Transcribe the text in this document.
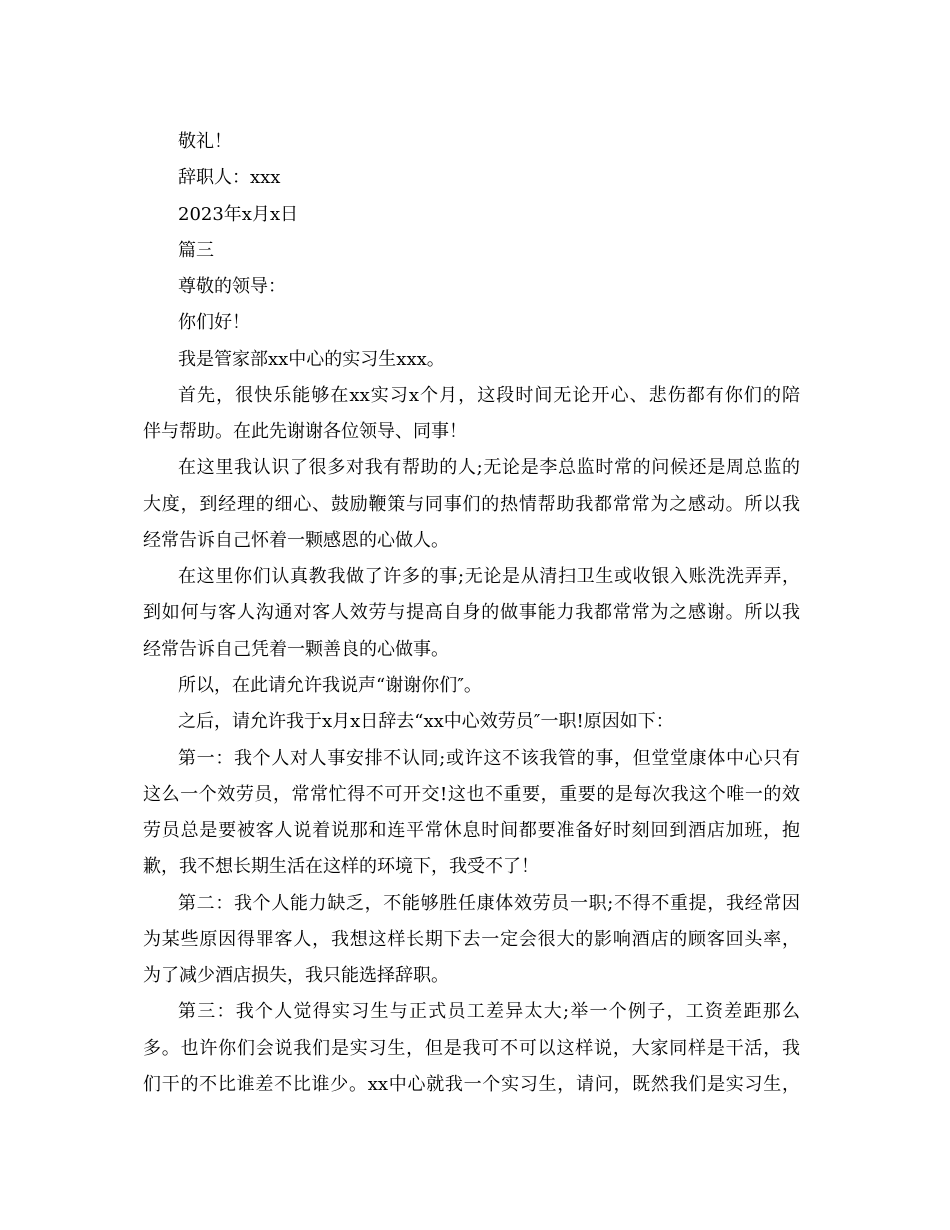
敬礼！
辞职人：xxx
2023年x月x日
篇三
尊敬的领导：
你们好！
我是管家部xx中心的实习生xxx。
首先，很快乐能够在xx实习x个月，这段时间无论开心、悲伤都有你们的陪
伴与帮助。在此先谢谢各位领导、同事！
在这里我认识了很多对我有帮助的人;无论是李总监时常的问候还是周总监的
大度，到经理的细心、鼓励鞭策与同事们的热情帮助我都常常为之感动。所以我
经常告诉自己怀着一颗感恩的心做人。
在这里你们认真教我做了许多的事;无论是从清扫卫生或收银入账洗洗弄弄，
到如何与客人沟通对客人效劳与提高自身的做事能力我都常常为之感谢。所以我
经常告诉自己凭着一颗善良的心做事。
所以，在此请允许我说声“谢谢你们″。
之后，请允许我于x月x日辞去“xx中心效劳员″一职!原因如下：
第一：我个人对人事安排不认同;或许这不该我管的事，但堂堂康体中心只有
这么一个效劳员，常常忙得不可开交!这也不重要，重要的是每次我这个唯一的效
劳员总是要被客人说着说那和连平常休息时间都要准备好时刻回到酒店加班，抱
歉，我不想长期生活在这样的环境下，我受不了！
第二：我个人能力缺乏，不能够胜任康体效劳员一职;不得不重提，我经常因
为某些原因得罪客人，我想这样长期下去一定会很大的影响酒店的顾客回头率，
为了减少酒店损失，我只能选择辞职。
第三：我个人觉得实习生与正式员工差异太大;举一个例子，工资差距那么
多。也许你们会说我们是实习生，但是我可不可以这样说，大家同样是干活，我
们干的不比谁差不比谁少。xx中心就我一个实习生，请问，既然我们是实习生，
